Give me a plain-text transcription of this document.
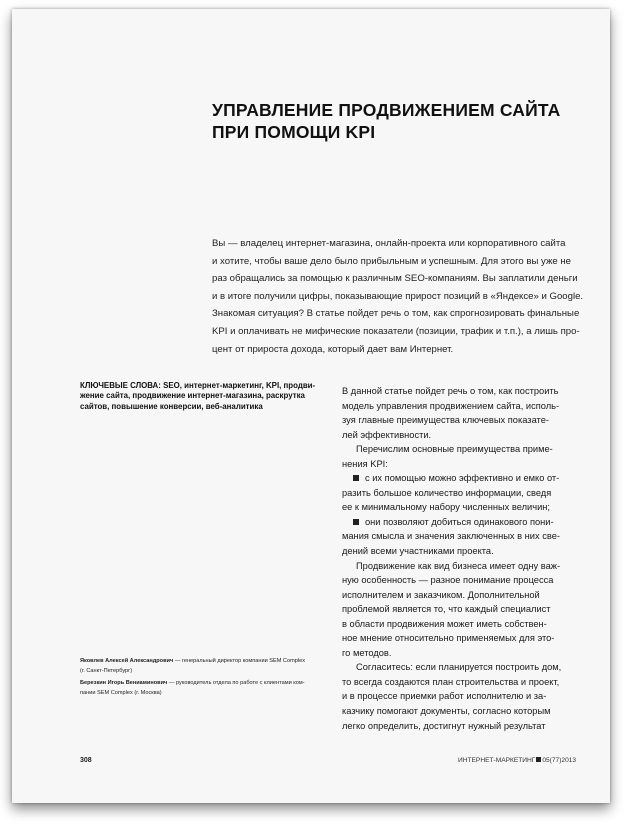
УПРАВЛЕНИЕ ПРОДВИЖЕНИЕМ САЙТА
ПРИ ПОМОЩИ KPI
Вы — владелец интернет-магазина, онлайн-проекта или корпоративного сайта
и хотите, чтобы ваше дело было прибыльным и успешным. Для этого вы уже не
раз обращались за помощью к различным SEO-компаниям. Вы заплатили деньги
и в итоге получили цифры, показывающие прирост позиций в «Яндексе» и Google.
Знакомая ситуация? В статье пойдет речь о том, как спрогнозировать финальные
KPI и оплачивать не мифические показатели (позиции, трафик и т.п.), а лишь про-
цент от прироста дохода, который дает вам Интернет.
КЛЮЧЕВЫЕ СЛОВА: SEO, интернет-маркетинг, KPI, продви-
жение сайта, продвижение интернет-магазина, раскрутка
сайтов, повышение конверсии, веб-аналитика
Яковлев Алексей Александрович — генеральный директор компании SEM Complex
(г. Санкт-Петербург)
Березкин Игорь Вениаминович — руководитель отдела по работе с клиентами ком-
пании SEM Complex (г. Москва)
В данной статье пойдет речь о том, как построить
модель управления продвижением сайта, исполь-
зуя главные преимущества ключевых показате-
лей эффективности.
Перечислим основные преимущества приме-
нения KPI:
с их помощью можно эффективно и емко от-
разить большое количество информации, сведя
ее к минимальному набору численных величин;
они позволяют добиться одинакового пони-
мания смысла и значения заключенных в них све-
дений всеми участниками проекта.
Продвижение как вид бизнеса имеет одну важ-
ную особенность — разное понимание процесса
исполнителем и заказчиком. Дополнительной
проблемой является то, что каждый специалист
в области продвижения может иметь собствен-
ное мнение относительно применяемых для это-
го методов.
Согласитесь: если планируется построить дом,
то всегда создаются план строительства и проект,
и в процессе приемки работ исполнителю и за-
казчику помогают документы, согласно которым
легко определить, достигнут нужный результат
308	ИНТЕРНЕТ-МАРКЕТИНГ 05(77)2013
